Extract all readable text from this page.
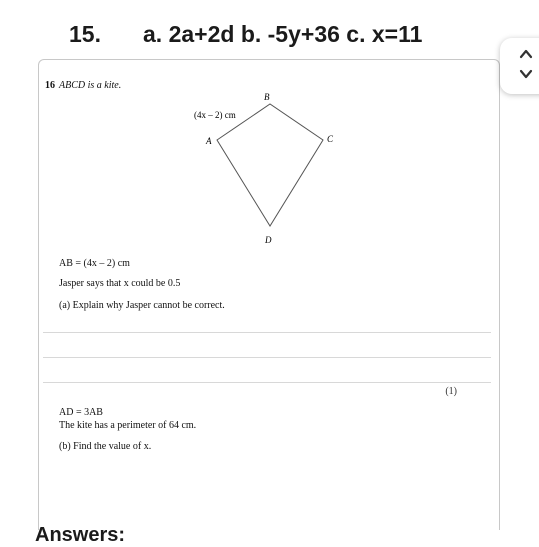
15. a. 2a+2d b. -5y+36 c. x=11
16 ABCD is a kite.
B
A	C
D
(4x – 2) cm
AB = (4x – 2) cm
Jasper says that x could be 0.5
(a) Explain why Jasper cannot be correct.
(1)
AD = 3AB
The kite has a perimeter of 64 cm.
(b) Find the value of x.
Answers:
